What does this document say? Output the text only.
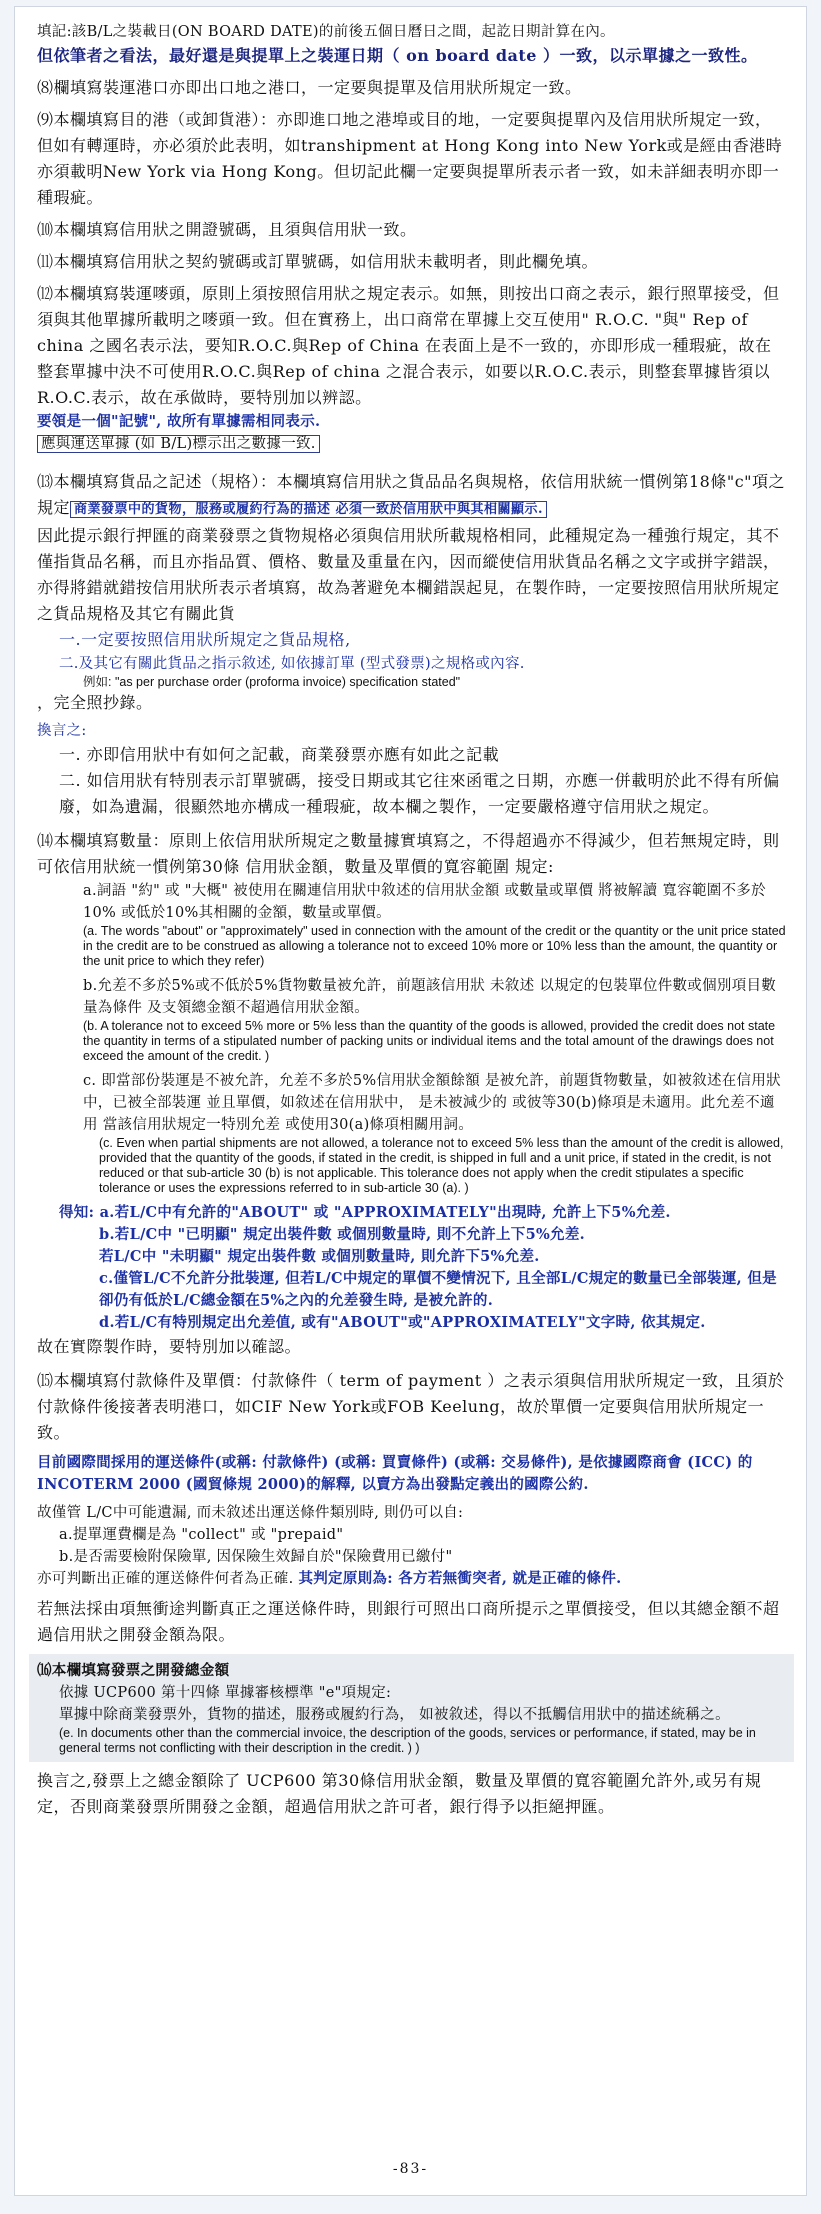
填記:該B/L之裝載日(ON BOARD DATE)的前後五個日曆日之間，起訖日期計算在內。

但依筆者之看法，最好還是與提單上之裝運日期（ on board date ）一致，以示單據之一致性。

⑻欄填寫裝運港口亦即出口地之港口，一定要與提單及信用狀所規定一致。

⑼本欄填寫目的港（或卸貨港）：亦即進口地之港埠或目的地，一定要與提單內及信用狀所規定一致，但如有轉運時，亦必須於此表明，如transhipment at Hong Kong into New York或是經由香港時亦須載明New York via Hong Kong。但切記此欄一定要與提單所表示者一致，如未詳細表明亦即一種瑕疵。

⑽本欄填寫信用狀之開證號碼，且須與信用狀一致。

⑾本欄填寫信用狀之契約號碼或訂單號碼，如信用狀未載明者，則此欄免填。

⑿本欄填寫裝運嘜頭，原則上須按照信用狀之規定表示。如無，則按出口商之表示，銀行照單接受，但須與其他單據所載明之嘜頭一致。但在實務上，出口商常在單據上交互使用" R.O.C. "與" Rep of china 之國名表示法，要知R.O.C.與Rep of China 在表面上是不一致的，亦即形成一種瑕疵，故在整套單據中決不可使用R.O.C.與Rep of china 之混合表示，如要以R.O.C.表示，則整套單據皆須以R.O.C.表示，故在承做時，要特別加以辨認。

要領是一個"記號", 故所有單據需相同表示.

應與運送單據 (如 B/L)標示出之數據一致.

⒀本欄填寫貨品之記述（規格）：本欄填寫信用狀之貨品品名與規格，依信用狀統一慣例第18條"c"項之規定 商業發票中的貨物，服務或履約行為的描述 必須一致於信用狀中與其相關顯示.

因此提示銀行押匯的商業發票之貨物規格必須與信用狀所載規格相同，此種規定為一種強行規定，其不僅指貨品名稱，而且亦指品質、價格、數量及重量在內，因而縱使信用狀貨品名稱之文字或拼字錯誤，亦得將錯就錯按信用狀所表示者填寫，故為著避免本欄錯誤起見，在製作時，一定要按照信用狀所規定之貨品規格及其它有關此貨

一.一定要按照信用狀所規定之貨品規格,

二.及其它有關此貨品之指示敘述, 如依據訂單 (型式發票)之規格或內容.

例如: "as per purchase order (proforma invoice) specification stated"

，完全照抄錄。

換言之:

一. 亦即信用狀中有如何之記載，商業發票亦應有如此之記載

二. 如信用狀有特別表示訂單號碼，接受日期或其它往來函電之日期，亦應一併載明於此不得有所偏廢，如為遺漏，很顯然地亦構成一種瑕疵，故本欄之製作，一定要嚴格遵守信用狀之規定。

⒁本欄填寫數量：原則上依信用狀所規定之數量據實填寫之，不得超過亦不得減少，但若無規定時，則可依信用狀統一慣例第30條 信用狀金額，數量及單價的寬容範圍 規定:

a.詞語 "約" 或 "大概" 被使用在關連信用狀中敘述的信用狀金額 或數量或單價 將被解讀 寬容範圍不多於10% 或低於10%其相關的金額，數量或單價。

(a. The words "about" or "approximately" used in connection with the amount of the credit or the quantity or the unit price stated in the credit are to be construed as allowing a tolerance not to exceed 10% more or 10% less than the amount, the quantity or the unit price to which they refer)

b.允差不多於5%或不低於5%貨物數量被允許，前題該信用狀 未敘述 以規定的包裝單位件數或個別項目數量為條件 及支領總金額不超過信用狀金額。

(b. A tolerance not to exceed 5% more or 5% less than the quantity of the goods is allowed, provided the credit does not state the quantity in terms of a stipulated number of packing units or individual items and the total amount of the drawings does not exceed the amount of the credit. )

c. 即當部份裝運是不被允許，允差不多於5%信用狀金額餘額 是被允許，前題貨物數量，如被敘述在信用狀中，已被全部裝運 並且單價，如敘述在信用狀中， 是未被減少的 或彼等30(b)條項是未適用。此允差不適用 當該信用狀規定一特別允差 或使用30(a)條項相關用詞。

(c. Even when partial shipments are not allowed, a tolerance not to exceed 5% less than the amount of the credit is allowed, provided that the quantity of the goods, if stated in the credit, is shipped in full and a unit price, if stated in the credit, is not reduced or that sub-article 30 (b) is not applicable. This tolerance does not apply when the credit stipulates a specific tolerance or uses the expressions referred to in sub-article 30 (a). )

得知: a.若L/C中有允許的"ABOUT" 或 "APPROXIMATELY"出現時, 允許上下5%允差.

b.若L/C中 "已明顯" 規定出裝件數 或個別數量時, 則不允許上下5%允差.

若L/C中 "未明顯" 規定出裝件數 或個別數量時, 則允許下5%允差.

c.僅管L/C不允許分批裝運, 但若L/C中規定的單價不變情況下, 且全部L/C規定的數量已全部裝運, 但是卻仍有低於L/C總金額在5%之內的允差發生時, 是被允許的.

d.若L/C有特別規定出允差值, 或有"ABOUT"或"APPROXIMATELY"文字時, 依其規定.

故在實際製作時，要特別加以確認。

⒂本欄填寫付款條件及單價：付款條件（ term of payment ）之表示須與信用狀所規定一致，且須於付款條件後接著表明港口，如CIF New York或FOB Keelung，故於單價一定要與信用狀所規定一致。

目前國際間採用的運送條件(或稱: 付款條件) (或稱: 買賣條件) (或稱: 交易條件), 是依據國際商會 (ICC) 的INCOTERM 2000 (國貿條規 2000)的解釋, 以賣方為出發點定義出的國際公約.

故僅管 L/C中可能遺漏, 而未敘述出運送條件類別時, 則仍可以自:

a.提單運費欄是為 "collect" 或 "prepaid"

b.是否需要檢附保險單, 因保險生效歸自於"保險費用已繳付"

亦可判斷出正確的運送條件何者為正確. 其判定原則為: 各方若無衝突者, 就是正確的條件.

若無法採由項無衝途判斷真正之運送條件時，則銀行可照出口商所提示之單價接受，但以其總金額不超過信用狀之開發金額為限。

⒃本欄填寫發票之開發總金額

依據 UCP600 第十四條 單據審核標準 "e"項規定:

單據中除商業發票外，貨物的描述，服務或履約行為， 如被敘述，得以不抵觸信用狀中的描述統稱之。

(e. In documents other than the commercial invoice, the description of the goods, services or performance, if stated, may be in general terms not conflicting with their description in the credit. ) )

換言之,發票上之總金額除了 UCP600 第30條信用狀金額，數量及單價的寬容範圍允許外,或另有規定，否則商業發票所開發之金額，超過信用狀之許可者，銀行得予以拒絕押匯。

-83-
